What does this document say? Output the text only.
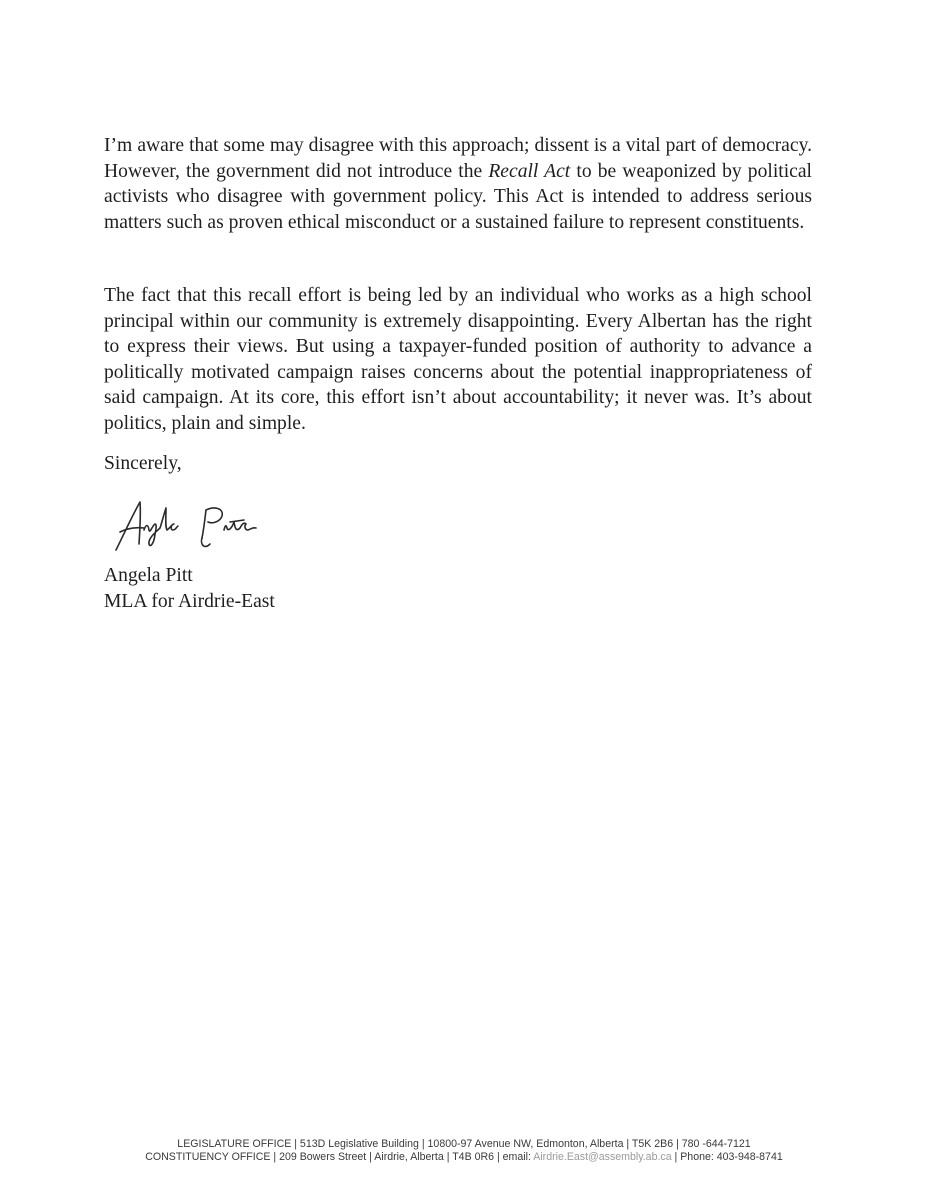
I’m aware that some may disagree with this approach; dissent is a vital part of democracy. However, the government did not introduce the Recall Act to be weaponized by political activists who disagree with government policy. This Act is intended to address serious matters such as proven ethical misconduct or a sustained failure to represent constituents.

The fact that this recall effort is being led by an individual who works as a high school principal within our community is extremely disappointing. Every Albertan has the right to express their views. But using a taxpayer-funded position of authority to advance a politically motivated campaign raises concerns about the potential inappropriateness of said campaign. At its core, this effort isn’t about accountability; it never was. It’s about politics, plain and simple.

Sincerely,

Angela Pitt
MLA for Airdrie-East
LEGISLATURE OFFICE | 513D Legislative Building | 10800-97 Avenue NW, Edmonton, Alberta | T5K 2B6 | 780 -644-7121
CONSTITUENCY OFFICE | 209 Bowers Street | Airdrie, Alberta | T4B 0R6 | email: Airdrie.East@assembly.ab.ca | Phone: 403-948-8741
